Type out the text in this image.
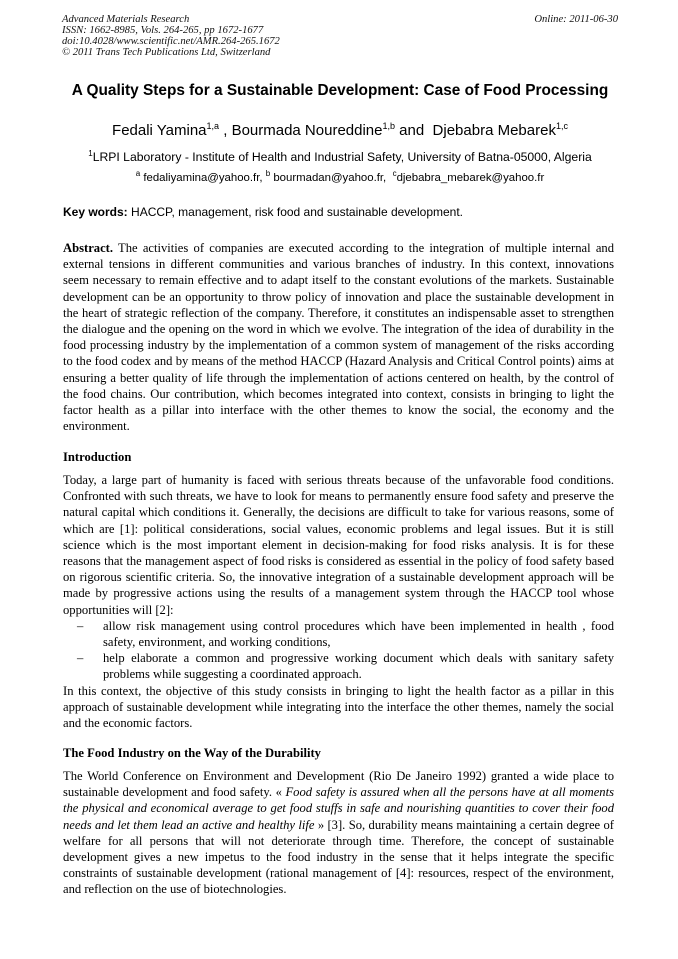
Advanced Materials Research
ISSN: 1662-8985, Vols. 264-265, pp 1672-1677
doi:10.4028/www.scientific.net/AMR.264-265.1672
© 2011 Trans Tech Publications Ltd, Switzerland
Online: 2011-06-30
A Quality Steps for a Sustainable Development: Case of Food Processing
Fedali Yamina$^{1,a}$ , Bourmada Noureddine$^{1,b}$ and  Djebabra Mebarek$^{1,c}$
$^1$LRPI Laboratory - Institute of Health and Industrial Safety, University of Batna-05000, Algeria
$^a$ fedaliyamina@yahoo.fr, $^b$ bourmadan@yahoo.fr,  $^c$djebabra_mebarek@yahoo.fr
Key words: HACCP, management, risk food and sustainable development.

Abstract. The activities of companies are executed according to the integration of multiple internal and external tensions in different communities and various branches of industry. In this context, innovations seem necessary to remain effective and to adapt itself to the constant evolutions of the markets. Sustainable development can be an opportunity to throw policy of innovation and place the sustainable development in the heart of strategic reflection of the company. Therefore, it constitutes an indispensable asset to strengthen the dialogue and the opening on the word in which we evolve. The integration of the idea of durability in the food processing industry by the implementation of a common system of management of the risks according to the food codex and by means of the method HACCP (Hazard Analysis and Critical Control points) aims at ensuring a better quality of life through the implementation of actions centered on health, by the control of the food chains. Our contribution, which becomes integrated into context, consists in bringing to light the factor health as a pillar into interface with the other themes to know the social, the economy and the environment.

Introduction

Today, a large part of humanity is faced with serious threats because of the unfavorable food conditions. Confronted with such threats, we have to look for means to permanently ensure food safety and preserve the natural capital which conditions it. Generally, the decisions are difficult to take for various reasons, some of which are [1]: political considerations, social values, economic problems and legal issues. But it is still science which is the most important element in decision-making for food risks analysis. It is for these reasons that the management aspect of food risks is considered as essential in the policy of food safety based on rigorous scientific criteria. So, the innovative integration of a sustainable development approach will be made by progressive actions using the results of a management system through the HACCP tool whose opportunities will [2]:

– allow risk management using control procedures which have been implemented in health , food safety, environment, and working conditions,
– help elaborate a common and progressive working document which deals with sanitary safety problems while suggesting a coordinated approach.

In this context, the objective of this study consists in bringing to light the health factor as a pillar in this approach of sustainable development while integrating into the interface the other themes, namely the social and the economic factors.

The Food Industry on the Way of the Durability

The World Conference on Environment and Development (Rio De Janeiro 1992) granted a wide place to sustainable development and food safety. « Food safety is assured when all the persons have at all moments the physical and economical average to get food stuffs in safe and nourishing quantities to cover their food needs and let them lead an active and healthy life » [3]. So, durability means maintaining a certain degree of welfare for all persons that will not deteriorate through time. Therefore, the concept of sustainable development gives a new impetus to the food industry in the sense that it helps integrate the specific constraints of sustainable development (rational management of [4]: resources, respect of the environment, and reflection on the use of biotechnologies.
